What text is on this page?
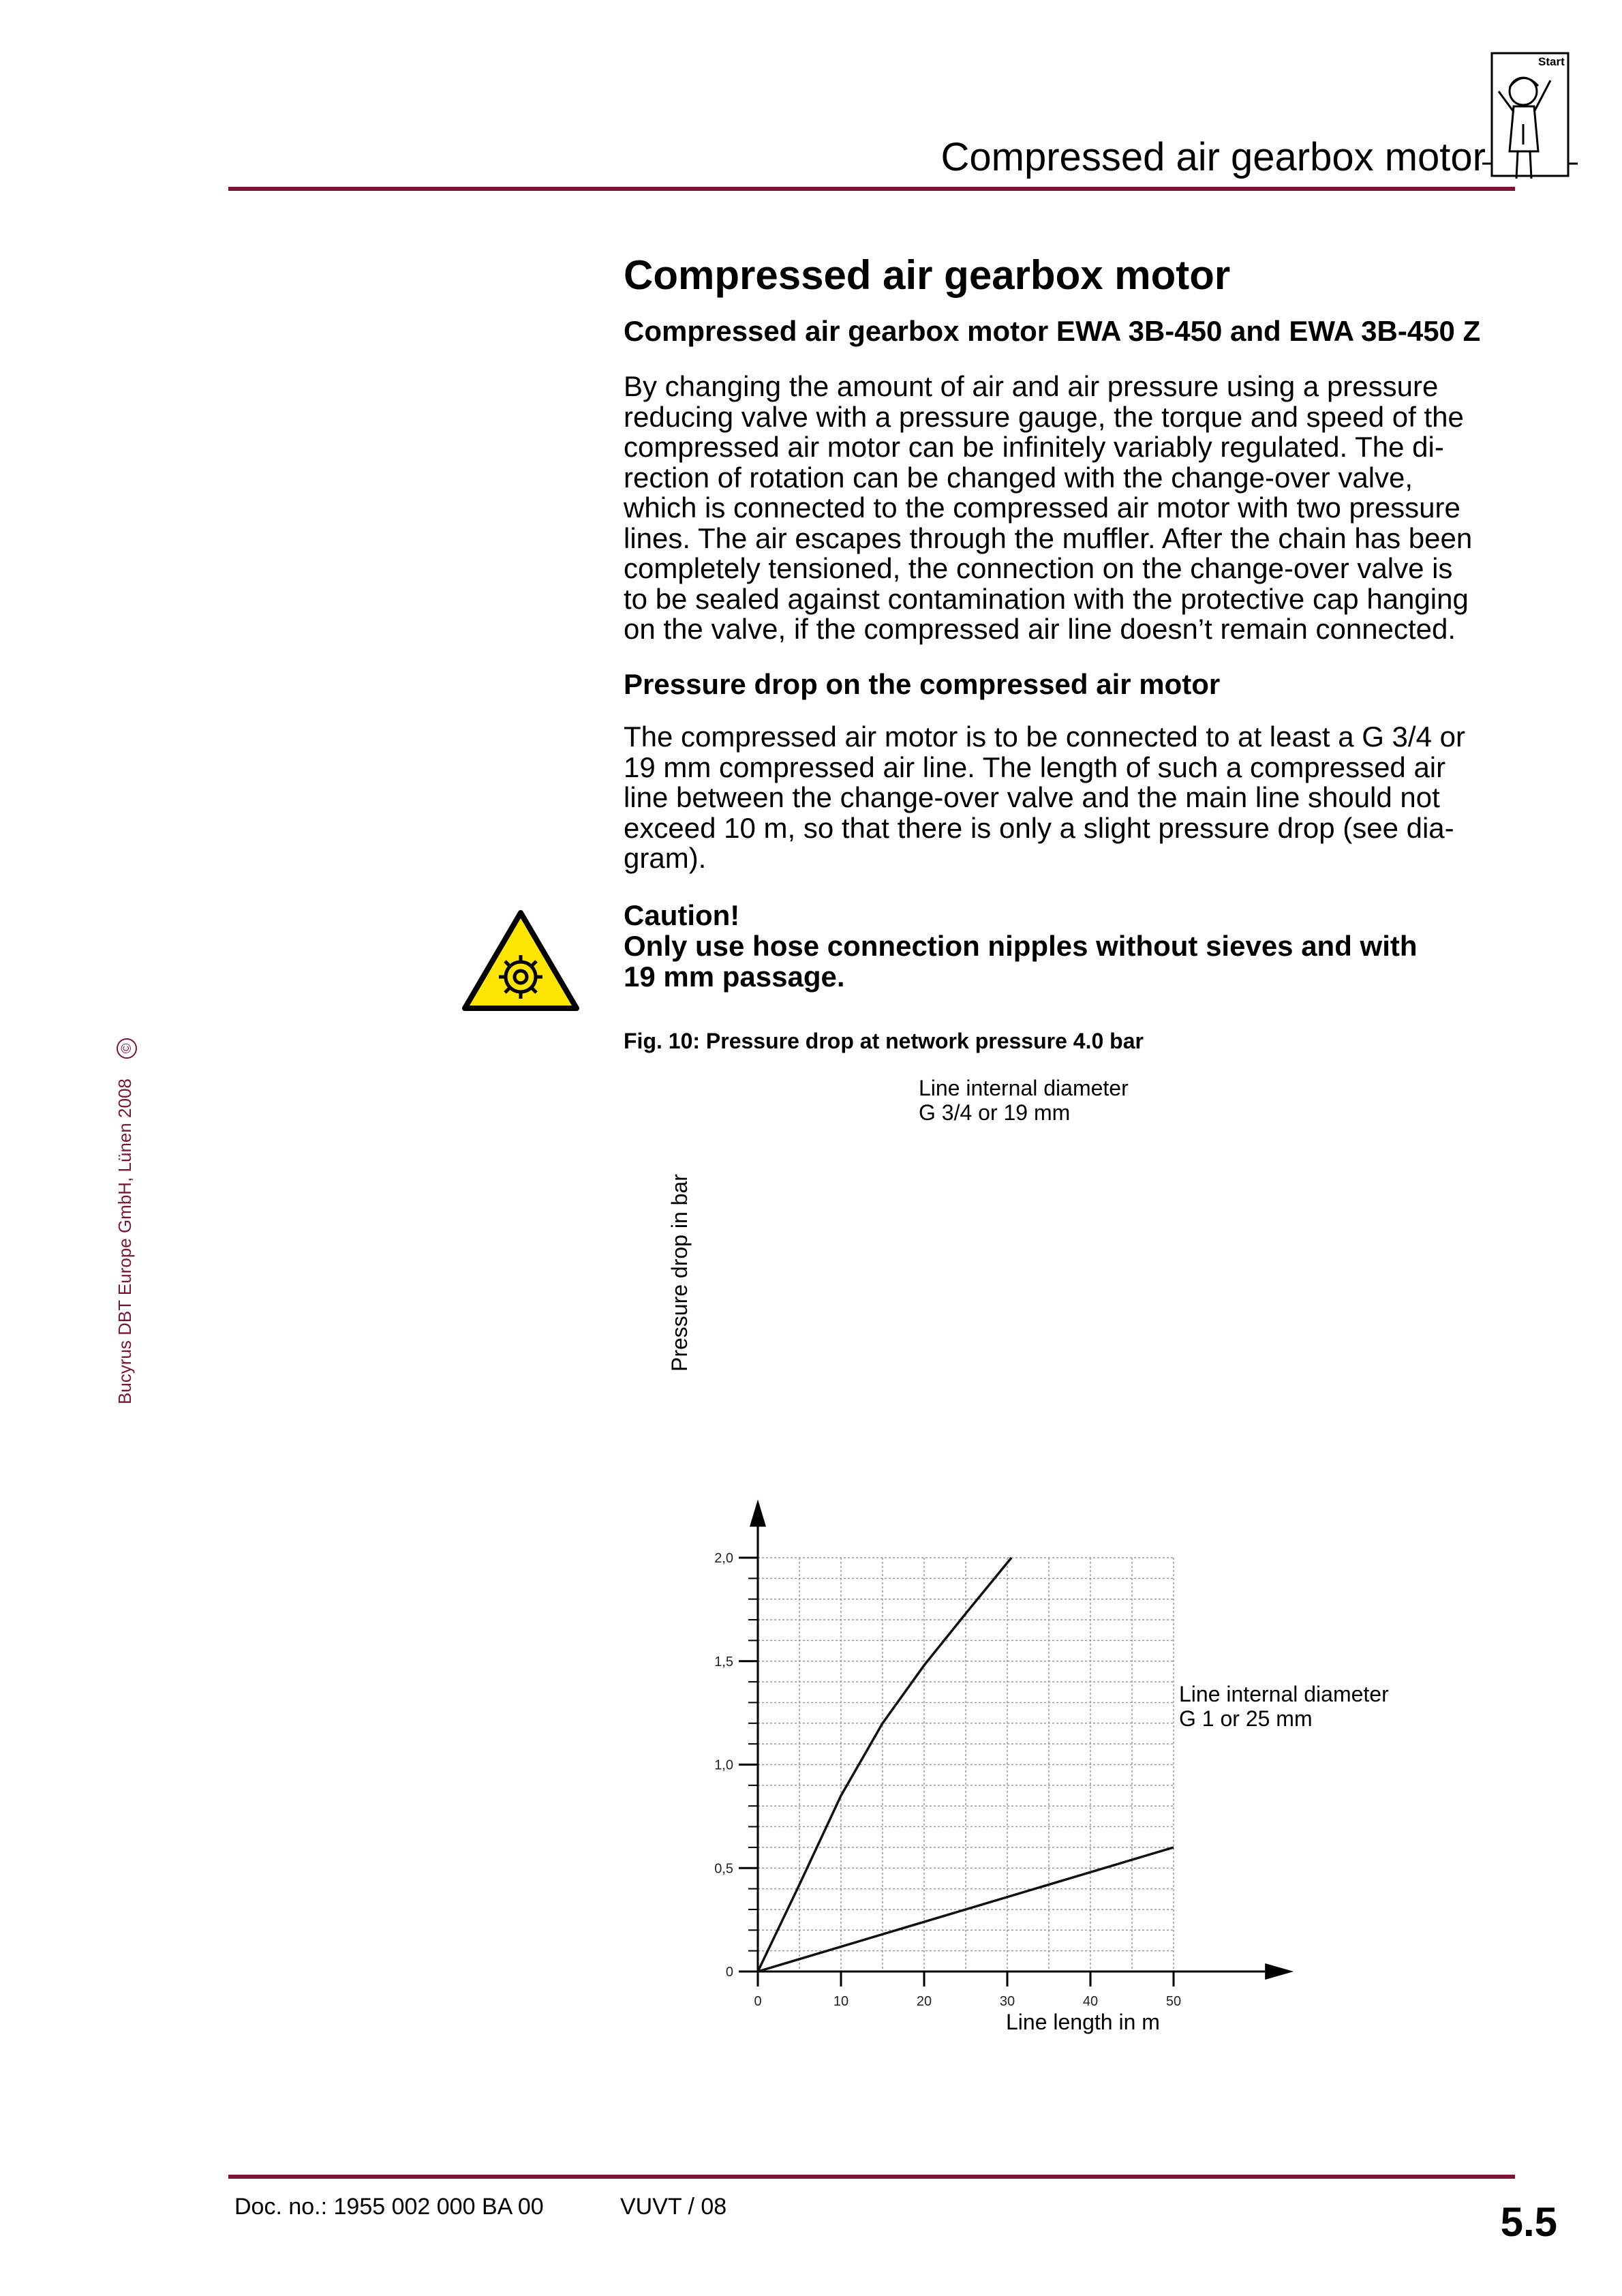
Compressed air gearbox motor
Start
Bucyrus DBT Europe GmbH, Lünen 2008 ©
Compressed air gearbox motor
Compressed air gearbox motor EWA 3B-450 and EWA 3B-450 Z
By changing the amount of air and air pressure using a pressure
reducing valve with a pressure gauge, the torque and speed of the
compressed air motor can be infinitely variably regulated. The di-
rection of rotation can be changed with the change-over valve,
which is connected to the compressed air motor with two pressure
lines. The air escapes through the muffler. After the chain has been
completely tensioned, the connection on the change-over valve is
to be sealed against contamination with the protective cap hanging
on the valve, if the compressed air line doesn’t remain connected.
Pressure drop on the compressed air motor
The compressed air motor is to be connected to at least a G 3/4 or
19 mm compressed air line. The length of such a compressed air
line between the change-over valve and the main line should not
exceed 10 m, so that there is only a slight pressure drop (see dia-
gram).
Caution!
Only use hose connection nipples without sieves and with
19 mm passage.
Fig. 10: Pressure drop at network pressure 4.0 bar
0	10	20	30	40	50
0
0,5
1,0
1,5
2,0
Line internal diameter
G 3/4 or 19 mm
Line internal diameter
G 1 or 25 mm
Line length in m
Pressure drop in bar
Doc. no.: 1955 002 000 BA 00	VUVT / 08	5.5
